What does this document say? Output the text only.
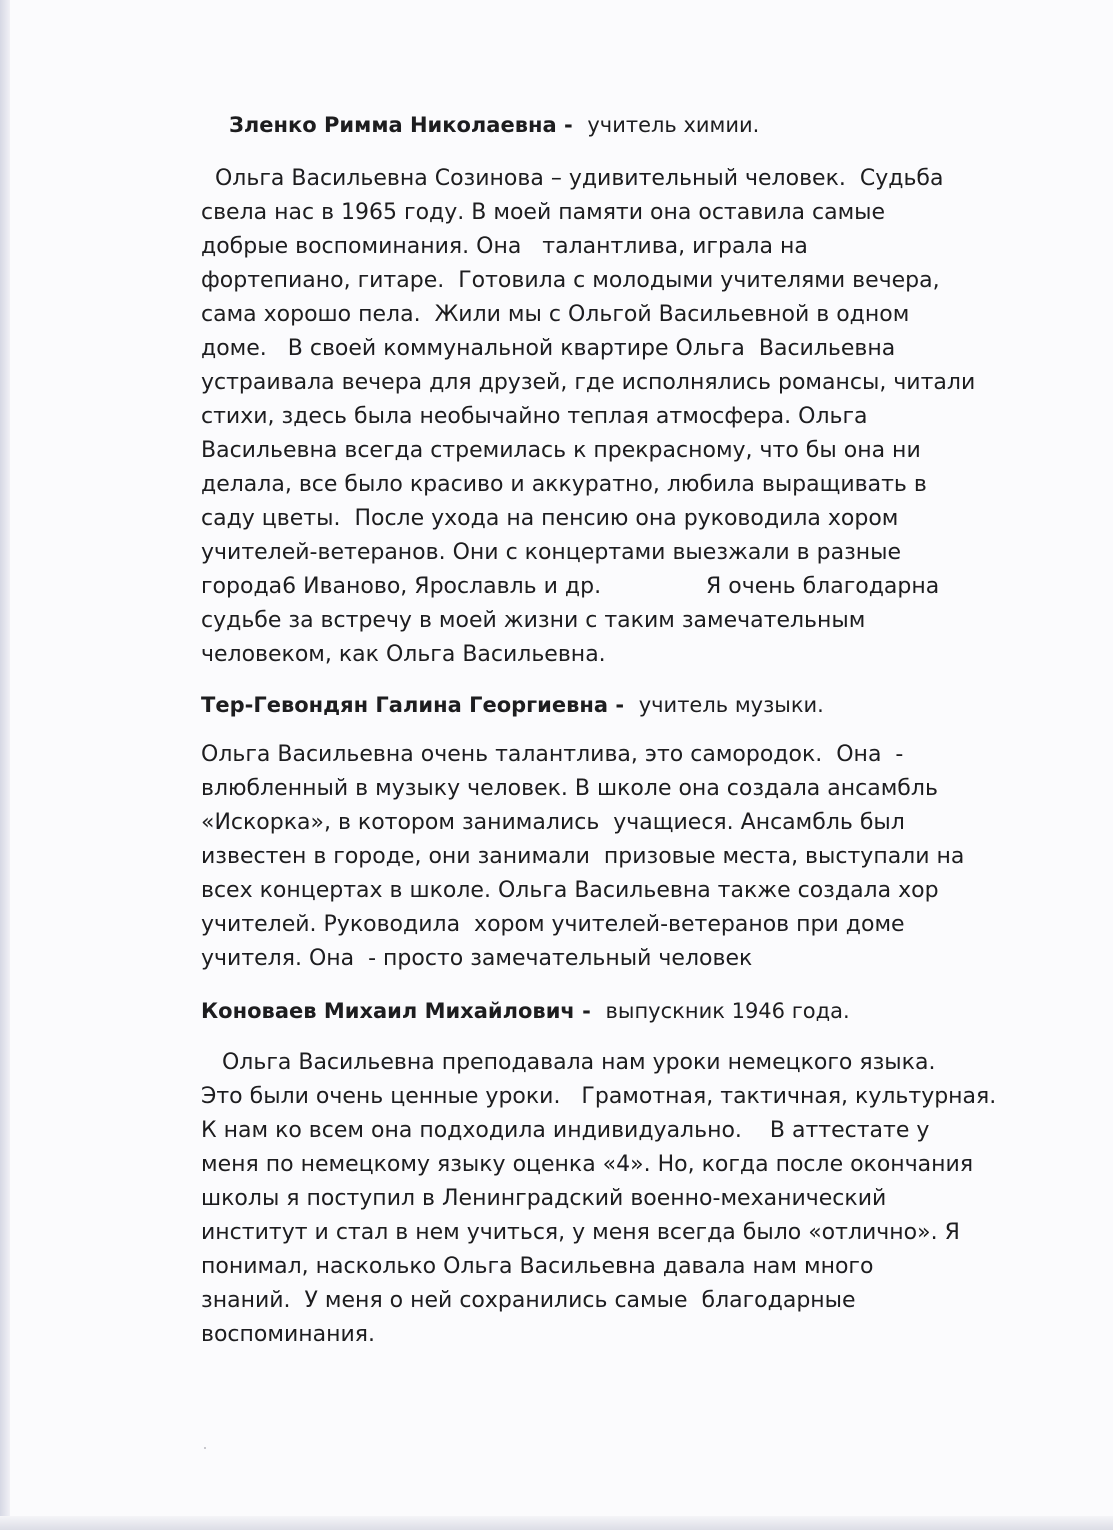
Зленко Римма Николаевна -  учитель химии.

Ольга Васильевна Созинова – удивительный человек.  Судьба
свела нас в 1965 году. В моей памяти она оставила самые
добрые воспоминания. Она   талантлива, играла на
фортепиано, гитаре.  Готовила с молодыми учителями вечера,
сама хорошо пела.  Жили мы с Ольгой Васильевной в одном
доме.   В своей коммунальной квартире Ольга  Васильевна
устраивала вечера для друзей, где исполнялись романсы, читали
стихи, здесь была необычайно теплая атмосфера. Ольга
Васильевна всегда стремилась к прекрасному, что бы она ни
делала, все было красиво и аккуратно, любила выращивать в
саду цветы.  После ухода на пенсию она руководила хором
учителей-ветеранов. Они с концертами выезжали в разные
города6 Иваново, Ярославль и др.               Я очень благодарна
судьбе за встречу в моей жизни с таким замечательным
человеком, как Ольга Васильевна.

Тер-Гевондян Галина Георгиевна -  учитель музыки.

Ольга Васильевна очень талантлива, это самородок.  Она  -
влюбленный в музыку человек. В школе она создала ансамбль
«Искорка», в котором занимались  учащиеся. Ансамбль был
известен в городе, они занимали  призовые места, выступали на
всех концертах в школе. Ольга Васильевна также создала хор
учителей. Руководила  хором учителей-ветеранов при доме
учителя. Она  - просто замечательный человек

Коноваев Михаил Михайлович -  выпускник 1946 года.

Ольга Васильевна преподавала нам уроки немецкого языка.
Это были очень ценные уроки.   Грамотная, тактичная, культурная.
К нам ко всем она подходила индивидуально.    В аттестате у
меня по немецкому языку оценка «4». Но, когда после окончания
школы я поступил в Ленинградский военно-механический
институт и стал в нем учиться, у меня всегда было «отлично». Я
понимал, насколько Ольга Васильевна давала нам много
знаний.  У меня о ней сохранились самые  благодарные
воспоминания.
